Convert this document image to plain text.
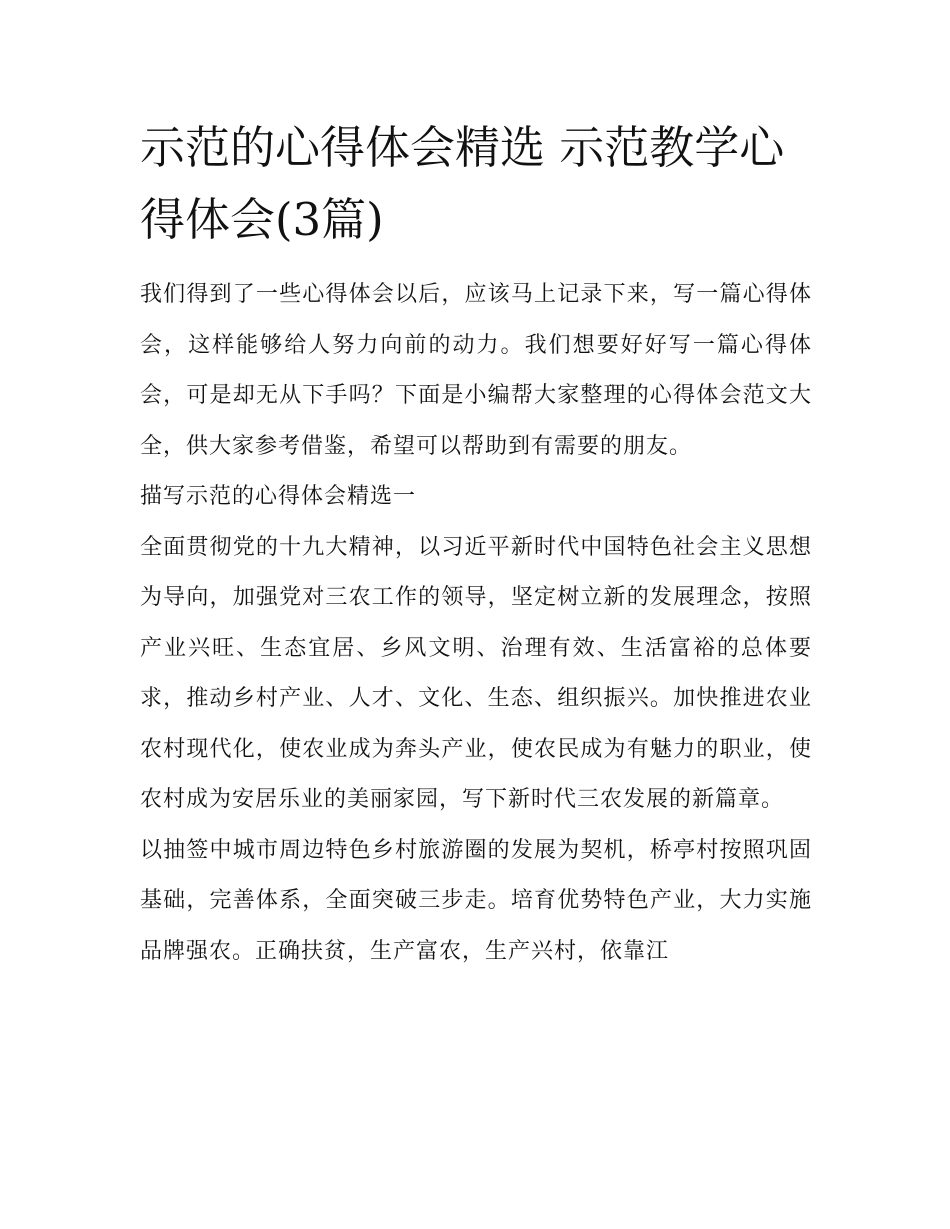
示范的心得体会精选 示范教学心得体会(3篇)

我们得到了一些心得体会以后，应该马上记录下来，写一篇心得体会，这样能够给人努力向前的动力。我们想要好好写一篇心得体会，可是却无从下手吗？下面是小编帮大家整理的心得体会范文大全，供大家参考借鉴，希望可以帮助到有需要的朋友。

描写示范的心得体会精选一

全面贯彻党的十九大精神，以习近平新时代中国特色社会主义思想为导向，加强党对三农工作的领导，坚定树立新的发展理念，按照产业兴旺、生态宜居、乡风文明、治理有效、生活富裕的总体要求，推动乡村产业、人才、文化、生态、组织振兴。加快推进农业农村现代化，使农业成为奔头产业，使农民成为有魅力的职业，使农村成为安居乐业的美丽家园，写下新时代三农发展的新篇章。

以抽签中城市周边特色乡村旅游圈的发展为契机，桥亭村按照巩固基础，完善体系，全面突破三步走。培育优势特色产业，大力实施品牌强农。正确扶贫，生产富农，生产兴村，依靠江
